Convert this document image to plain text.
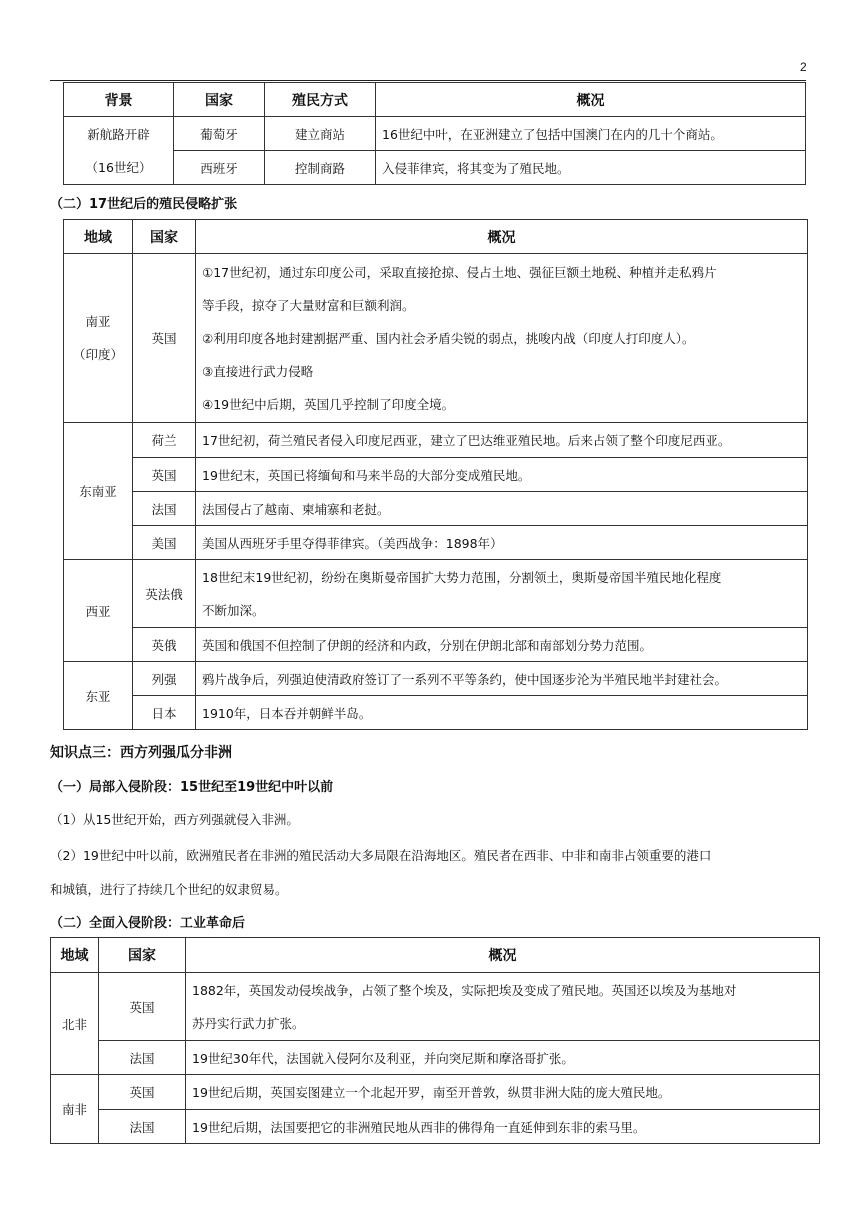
2
背景	国家	殖民方式	概况

新航路开辟
（16世纪）	葡萄牙	建立商站	16世纪中叶，在亚洲建立了包括中国澳门在内的几十个商站。
	西班牙	控制商路	入侵菲律宾，将其变为了殖民地。
（二）17世纪后的殖民侵略扩张
地域	国家	概况

南亚
（印度）	英国	①17世纪初，通过东印度公司，采取直接抢掠、侵占土地、强征巨额土地税、种植并走私鸦片
等手段，掠夺了大量财富和巨额利润。
②利用印度各地封建割据严重、国内社会矛盾尖锐的弱点，挑唆内战（印度人打印度人）。
③直接进行武力侵略
④19世纪中后期，英国几乎控制了印度全境。

东南亚	荷兰	17世纪初，荷兰殖民者侵入印度尼西亚，建立了巴达维亚殖民地。后来占领了整个印度尼西亚。
	英国	19世纪末，英国已将缅甸和马来半岛的大部分变成殖民地。
	法国	法国侵占了越南、柬埔寨和老挝。
	美国	美国从西班牙手里夺得菲律宾。（美西战争：1898年）
西亚	英法俄	18世纪末19世纪初，纷纷在奥斯曼帝国扩大势力范围，分割领土，奥斯曼帝国半殖民地化程度
不断加深。

	英俄	英国和俄国不但控制了伊朗的经济和内政，分别在伊朗北部和南部划分势力范围。
东亚	列强	鸦片战争后，列强迫使清政府签订了一系列不平等条约，使中国逐步沦为半殖民地半封建社会。
	日本	1910年，日本吞并朝鲜半岛。
知识点三：西方列强瓜分非洲
（一）局部入侵阶段：15世纪至19世纪中叶以前
（1）从15世纪开始，西方列强就侵入非洲。
（2）19世纪中叶以前，欧洲殖民者在非洲的殖民活动大多局限在沿海地区。殖民者在西非、中非和南非占领重要的港口
和城镇，进行了持续几个世纪的奴隶贸易。
（二）全面入侵阶段：工业革命后
地域	国家	概况
北非	英国	1882年，英国发动侵埃战争，占领了整个埃及，实际把埃及变成了殖民地。英国还以埃及为基地对
苏丹实行武力扩张。

	法国	19世纪30年代，法国就入侵阿尔及利亚，并向突尼斯和摩洛哥扩张。
南非	英国	19世纪后期，英国妄图建立一个北起开罗，南至开普敦，纵贯非洲大陆的庞大殖民地。
	法国	19世纪后期，法国要把它的非洲殖民地从西非的佛得角一直延伸到东非的索马里。
